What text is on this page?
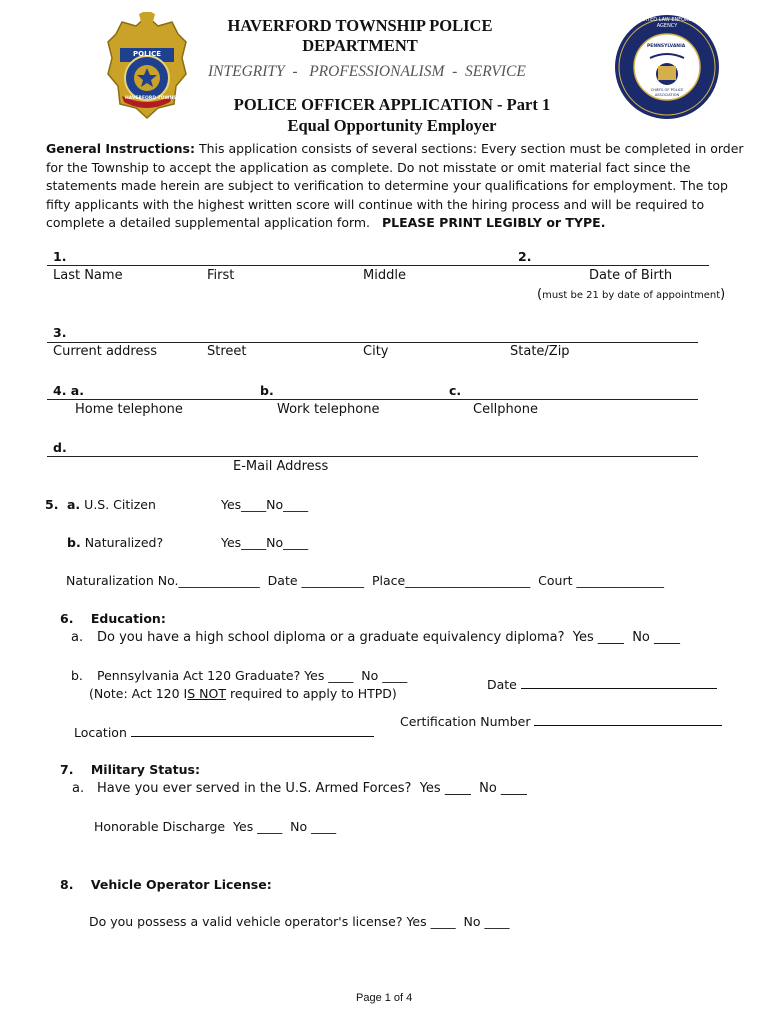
POLICE
HAVERFORD TOWNSHIP
ACCREDITED LAW ENFORCEMENT AGENCY
PENNSYLVANIA
CHIEFS OF POLICE ASSOCIATION
HAVERFORD TOWNSHIP POLICE
DEPARTMENT
INTEGRITY  -   PROFESSIONALISM  -  SERVICE
POLICE OFFICER APPLICATION - Part 1
Equal Opportunity Employer
General Instructions: This application consists of several sections: Every section must be completed in order
for the Township to accept the application as complete. Do not misstate or omit material fact since the
statements made herein are subject to verification to determine your qualifications for employment. The top
fifty applicants with the highest written score will continue with the hiring process and will be required to
complete a detailed supplemental application form.   PLEASE PRINT LEGIBLY or TYPE.
1.	2.
Last Name	First	Middle	Date of Birth
(must be 21 by date of appointment)
3.
Current address	Street	City	State/Zip
4. a.	b.	c.
Home telephone	Work telephone	Cellphone
d.
E-Mail Address
5. a. U.S. Citizen	Yes____No____
b. Naturalized?	Yes____No____
Naturalization No._____________  Date __________  Place____________________  Court ______________
6.    Education:
a. Do you have a high school diploma or a graduate equivalency diploma?  Yes ____  No ____
b. Pennsylvania Act 120 Graduate? Yes ____  No ____
(Note: Act 120 IS NOT required to apply to HTPD)
Date
Certification Number
Location
7.    Military Status:
a. Have you ever served in the U.S. Armed Forces?  Yes ____  No ____
Honorable Discharge  Yes ____  No ____
8.    Vehicle Operator License:
Do you possess a valid vehicle operator's license? Yes ____  No ____
Page 1 of 4
